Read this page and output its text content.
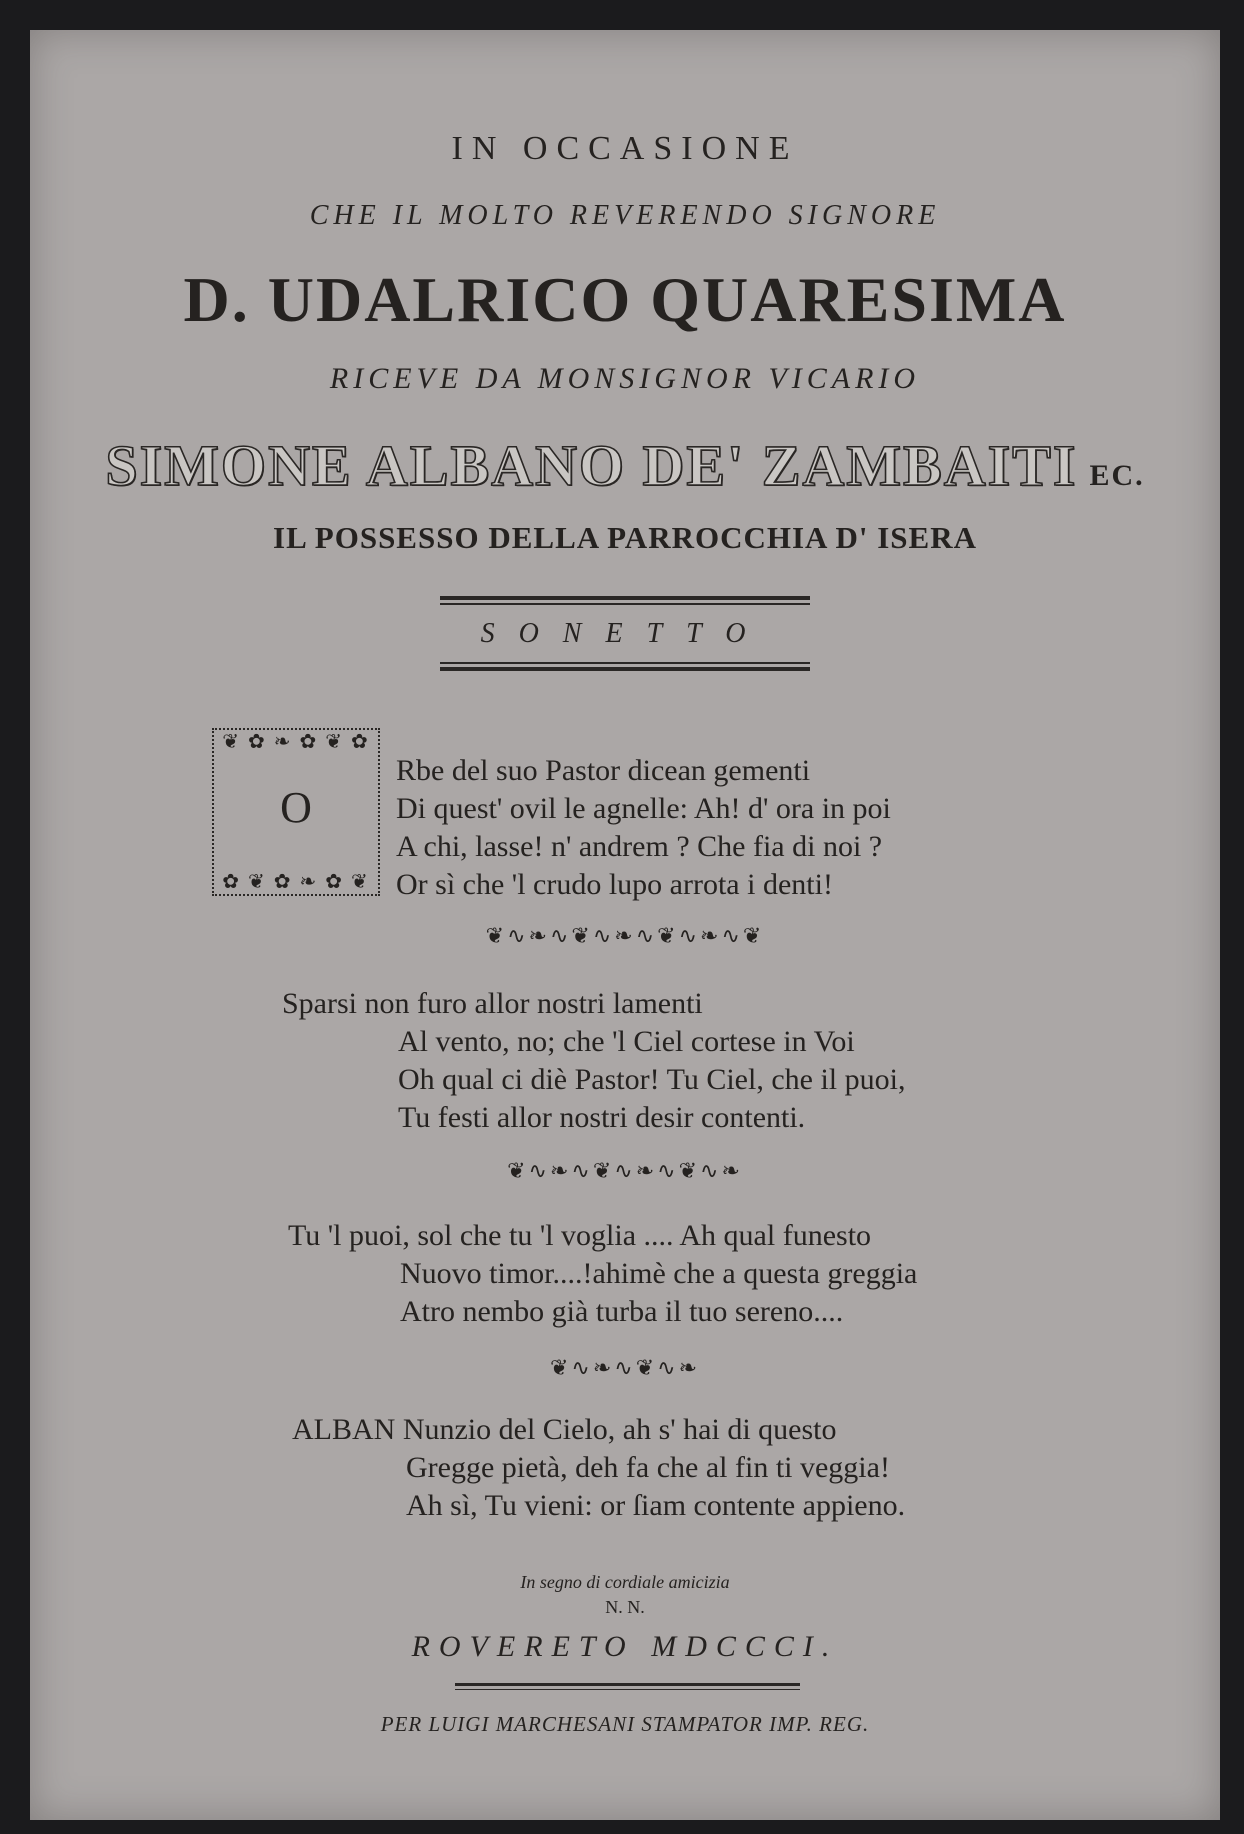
IN OCCASIONE
CHE IL MOLTO REVERENDO SIGNORE
D. UDALRICO QUARESIMA
RICEVE DA MONSIGNOR VICARIO
SIMONE ALBANO DE' ZAMBAITI EC.
IL POSSESSO DELLA PARROCCHIA D' ISERA
SONETTO
❦ ✿ ❧ ✿ ❦ ✿
O
✿ ❦ ✿ ❧ ✿ ❦
Rbe del suo Pastor dicean gementi
Di quest' ovil le agnelle: Ah! d' ora in poi
A chi, lasse! n' andrem ? Che fia di noi ?
Or sì che 'l crudo lupo arrota i denti!
❦∿❧∿❦∿❧∿❦∿❧∿❦
Sparsi non furo allor nostri lamenti
Al vento, no; che 'l Ciel cortese in Voi
Oh qual ci diè Pastor! Tu Ciel, che il puoi,
Tu festi allor nostri desir contenti.
❦∿❧∿❦∿❧∿❦∿❧
Tu 'l puoi, sol che tu 'l voglia .... Ah qual funesto
Nuovo timor....!ahimè che a questa greggia
Atro nembo già turba il tuo sereno....
❦∿❧∿❦∿❧
ALBAN Nunzio del Cielo, ah s' hai di questo
Gregge pietà, deh fa che al fin ti veggia!
Ah sì, Tu vieni: or ſiam contente appieno.
In segno di cordiale amicizia
N. N.
ROVERETO MDCCCI.
PER LUIGI MARCHESANI STAMPATOR IMP. REG.
